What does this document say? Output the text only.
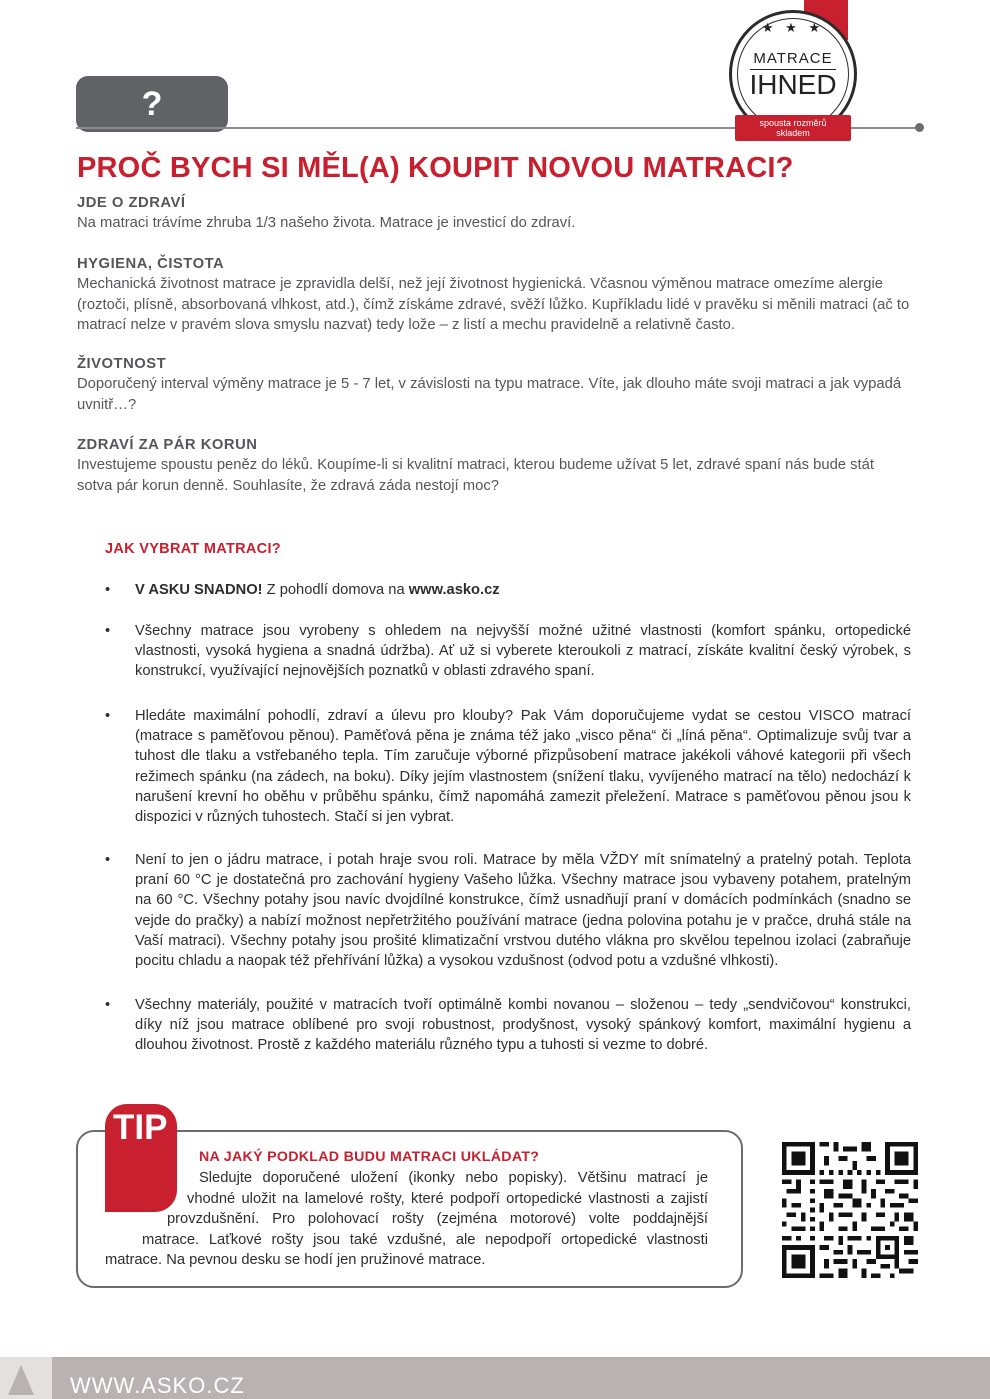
?
★ ★ ★
MATRACE
IHNED
spousta rozměrů
skladem
PROČ BYCH SI MĚL(A) KOUPIT NOVOU MATRACI?
JDE O ZDRAVÍ
Na matraci trávíme zhruba 1/3 našeho života. Matrace je investicí do zdraví.
HYGIENA, ČISTOTA
Mechanická životnost matrace je zpravidla delší, než její životnost hygienická. Včasnou výměnou matrace omezíme alergie
(roztoči, plísně, absorbovaná vlhkost, atd.), čímž získáme zdravé, svěží lůžko. Kupříkladu lidé v pravěku si měnili matraci (ač to
matrací nelze v pravém slova smyslu nazvat) tedy lože – z listí a mechu pravidelně a relativně často.
ŽIVOTNOST
Doporučený interval výměny matrace je 5 - 7 let, v závislosti na typu matrace. Víte, jak dlouho máte svoji matraci a jak vypadá
uvnitř…?
ZDRAVÍ ZA PÁR KORUN
Investujeme spoustu peněz do léků. Koupíme-li si kvalitní matraci, kterou budeme užívat 5 let, zdravé spaní nás bude stát
sotva pár korun denně. Souhlasíte, že zdravá záda nestojí moc?
JAK VYBRAT MATRACI?
• V ASKU SNADNO! Z pohodlí domova na www.asko.cz
• Všechny matrace jsou vyrobeny s ohledem na nejvyšší možné užitné vlastnosti (komfort spánku, ortopedické vlastnosti, vysoká hygiena a snadná údržba). Ať už si vyberete kteroukoli z matrací, získáte kvalitní český výrobek, s konstrukcí, využívající nejnovějších poznatků v oblasti zdravého spaní.
• Hledáte maximální pohodlí, zdraví a úlevu pro klouby? Pak Vám doporučujeme vydat se cestou VISCO matrací (matrace s paměťovou pěnou). Paměťová pěna je známa též jako „visco pěna“ či „líná pěna“. Optimalizuje svůj tvar a tuhost dle tlaku a vstřebaného tepla. Tím zaručuje výborné přizpůsobení matrace jakékoli váhové kategorii při všech režimech spánku (na zádech, na boku). Díky jejím vlastnostem (snížení tlaku, vyvíjeného matrací na tělo) nedochází k narušení krevní ho oběhu v průběhu spánku, čímž napomáhá zamezit přeležení. Matrace s paměťovou pěnou jsou k dispozici v různých tuhostech. Stačí si jen vybrat.
• Není to jen o jádru matrace, i potah hraje svou roli. Matrace by měla VŽDY mít snímatelný a pratelný potah. Teplota praní 60 °C je dostatečná pro zachování hygieny Vašeho lůžka. Všechny matrace jsou vybaveny potahem, pratelným na 60 °C. Všechny potahy jsou navíc dvojdílné konstrukce, čímž usnadňují praní v domácích podmínkách (snadno se vejde do pračky) a nabízí možnost nepřetržitého používání matrace (jedna polovina potahu je v pračce, druhá stále na Vaší matraci). Všechny potahy jsou prošité klimatizační vrstvou dutého vlákna pro skvělou tepelnou izolaci (zabraňuje pocitu chladu a naopak též přehřívání lůžka) a vysokou vzdušnost (odvod potu a vzdušné vlhkosti).
• Všechny materiály, použité v matracích tvoří optimálně kombi novanou – složenou – tedy „sendvičovou“ konstrukci, díky níž jsou matrace oblíbené pro svoji robustnost, prodyšnost, vysoký spánkový komfort, maximální hygienu a dlouhou životnost. Prostě z každého materiálu různého typu a tuhosti si vezme to dobré.
TIP
NA JAKÝ PODKLAD BUDU MATRACI UKLÁDAT?
Sledujte doporučené uložení (ikonky nebo popisky). Většinu matrací je
vhodné uložit na lamelové rošty, které podpoří ortopedické vlastnosti a zajistí
provzdušnění. Pro polohovací rošty (zejména motorové) volte poddajnější
matrace. Laťkové rošty jsou také vzdušné, ale nepodpoří ortopedické vlastnosti
matrace. Na pevnou desku se hodí jen pružinové matrace.
WWW.ASKO.CZ
